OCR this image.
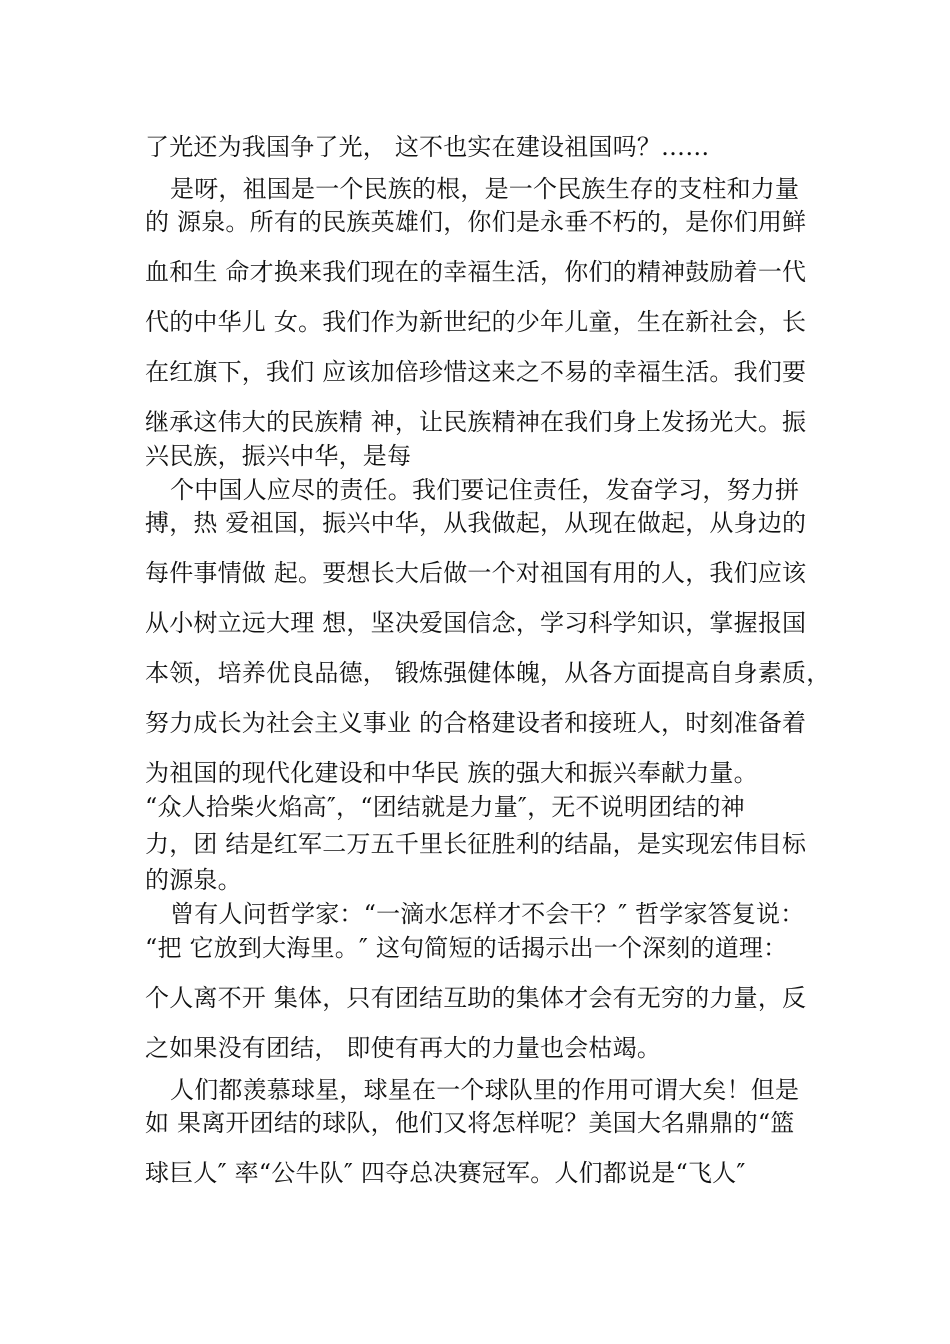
了光还为我国争了光， 这不也实在建设祖国吗？……
是呀，祖国是一个民族的根，是一个民族生存的支柱和力量
的 源泉。所有的民族英雄们，你们是永垂不朽的，是你们用鲜
血和生 命才换来我们现在的幸福生活，你们的精神鼓励着一代
代的中华儿 女。我们作为新世纪的少年儿童，生在新社会，长
在红旗下，我们 应该加倍珍惜这来之不易的幸福生活。我们要
继承这伟大的民族精 神，让民族精神在我们身上发扬光大。振
兴民族，振兴中华，是每
个中国人应尽的责任。我们要记住责任，发奋学习，努力拼
搏，热 爱祖国，振兴中华，从我做起，从现在做起，从身边的
每件事情做 起。要想长大后做一个对祖国有用的人，我们应该
从小树立远大理 想，坚决爱国信念，学习科学知识，掌握报国
本领，培养优良品德， 锻炼强健体魄，从各方面提高自身素质，
努力成长为社会主义事业 的合格建设者和接班人，时刻准备着
为祖国的现代化建设和中华民 族的强大和振兴奉献力量。
“众人拾柴火焰高″，“团结就是力量″，无不说明团结的神
力，团 结是红军二万五千里长征胜利的结晶，是实现宏伟目标
的源泉。
曾有人问哲学家：“一滴水怎样才不会干？″ 哲学家答复说：
“把 它放到大海里。″ 这句简短的话揭示出一个深刻的道理：
个人离不开 集体，只有团结互助的集体才会有无穷的力量，反
之如果没有团结， 即使有再大的力量也会枯竭。
人们都羡慕球星，球星在一个球队里的作用可谓大矣！但是
如 果离开团结的球队，他们又将怎样呢？美国大名鼎鼎的“篮
球巨人″ 率“公牛队″ 四夺总决赛冠军。人们都说是“飞人″
